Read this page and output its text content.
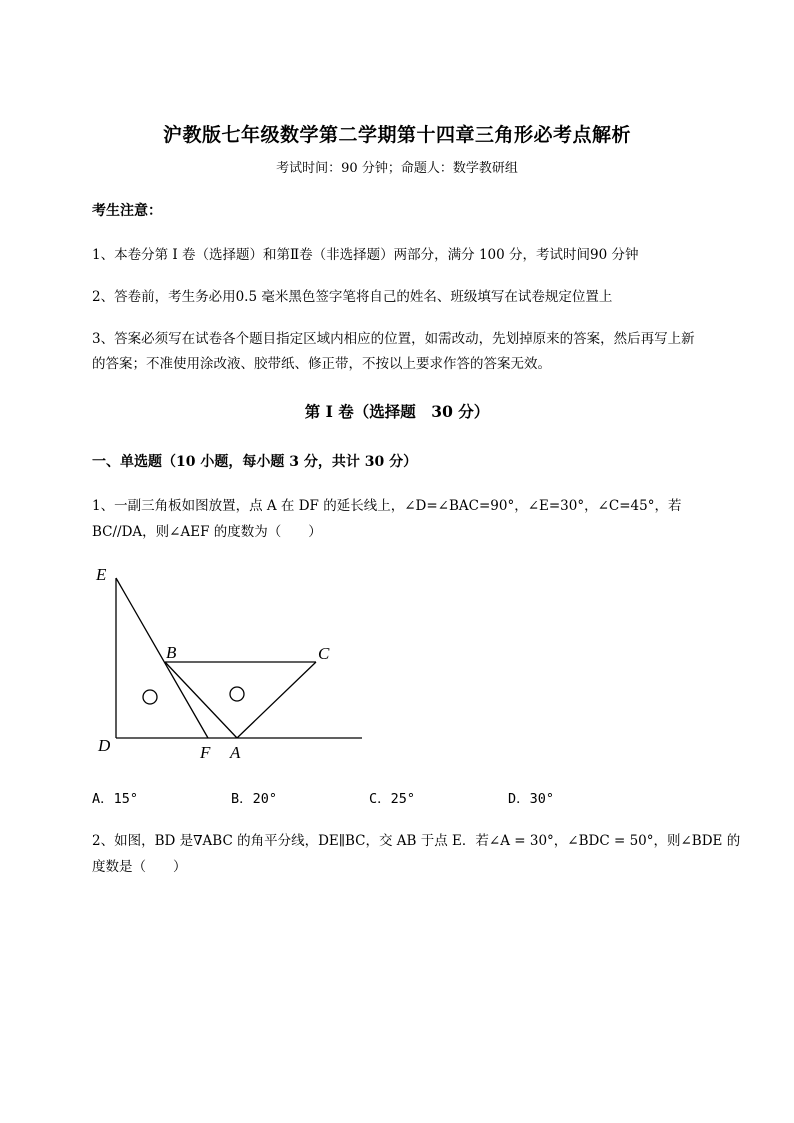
沪教版七年级数学第二学期第十四章三角形必考点解析
考试时间：90 分钟；命题人：数学教研组
考生注意：
1、本卷分第 I 卷（选择题）和第Ⅱ卷（非选择题）两部分，满分 100 分，考试时间90 分钟
2、答卷前，考生务必用0.5 毫米黑色签字笔将自己的姓名、班级填写在试卷规定位置上
3、答案必须写在试卷各个题目指定区域内相应的位置，如需改动，先划掉原来的答案，然后再写上新
的答案；不准使用涂改液、胶带纸、修正带，不按以上要求作答的答案无效。
第 I 卷（选择题　30 分）
一、单选题（10 小题，每小题 3 分，共计 30 分）
1、一副三角板如图放置，点 A 在 DF 的延长线上，∠D=∠BAC=90°，∠E=30°，∠C=45°，若
BC//DA，则∠AEF 的度数为（　　）
E
B	C
D	F A
A．15°	B．20°	C．25°	D．30°
2、如图，BD 是∇ABC 的角平分线，DE∥BC，交 AB 于点 E．若∠A = 30°，∠BDC = 50°，则∠BDE 的
度数是（　　）
